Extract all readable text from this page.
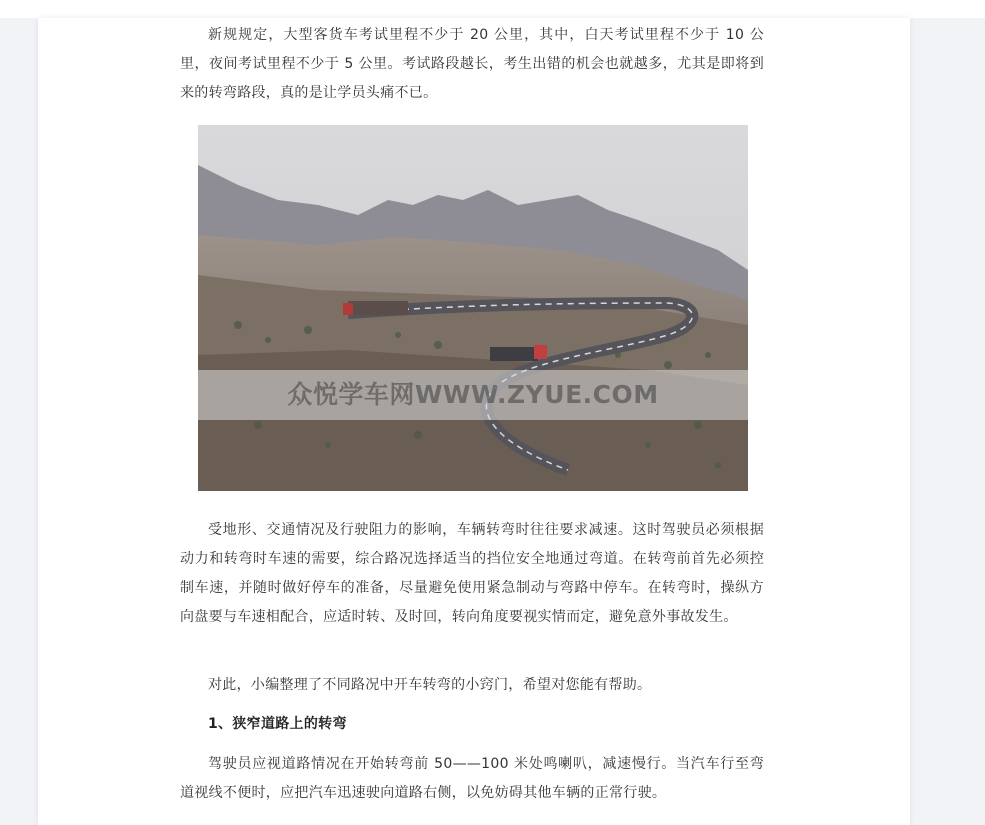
新规规定，大型客货车考试里程不少于 20 公里，其中，白天考试里程不少于 10 公里，夜间考试里程不少于 5 公里。考试路段越长，考生出错的机会也就越多，尤其是即将到来的转弯路段，真的是让学员头痛不已。

受地形、交通情况及行驶阻力的影响，车辆转弯时往往要求减速。这时驾驶员必须根据动力和转弯时车速的需要，综合路况选择适当的挡位安全地通过弯道。在转弯前首先必须控制车速，并随时做好停车的准备，尽量避免使用紧急制动与弯路中停车。在转弯时，操纵方向盘要与车速相配合，应适时转、及时回，转向角度要视实情而定，避免意外事故发生。

对此，小编整理了不同路况中开车转弯的小窍门，希望对您能有帮助。

1、狭窄道路上的转弯

驾驶员应视道路情况在开始转弯前 50——100 米处鸣喇叭，减速慢行。当汽车行至弯道视线不便时，应把汽车迅速驶向道路右侧，以免妨碍其他车辆的正常行驶。

众悦学车网WWW.ZYUE.COM
